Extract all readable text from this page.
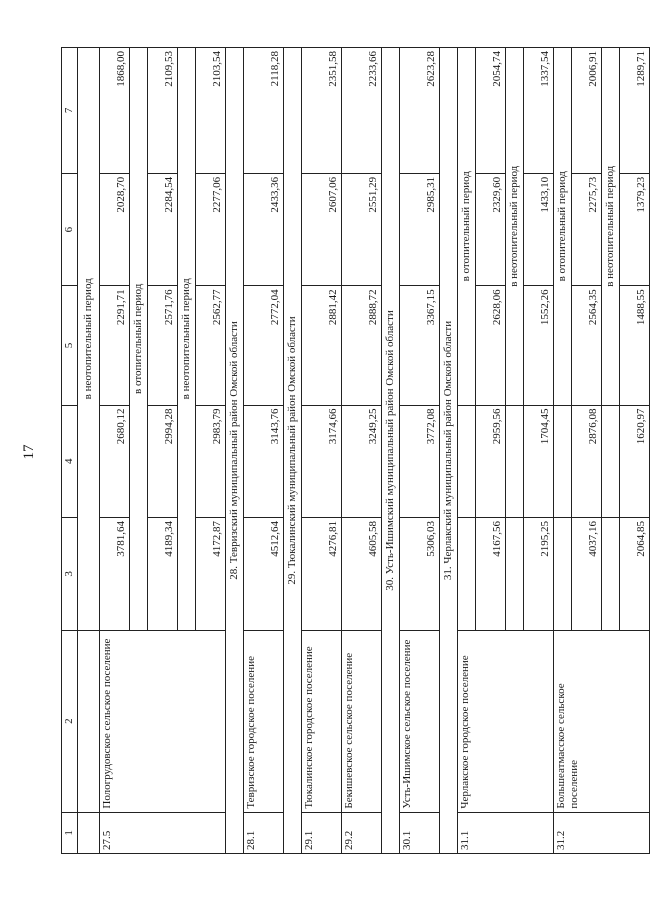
17
1	2	3	4	5	6	7
		в неотопительный период				
27.5	Пологрудовское сельское поселение	3781,64	2680,12	2291,71	2028,70	1868,00
		в отопительный период				
		4189,34	2994,28	2571,76	2284,54	2109,53
		в неотопительный период				
		4172,87	2983,79	2562,77	2277,06	2103,54
28. Тевризский муниципальный район Омской области						
28.1	Тевризское городское поселение	4512,64	3143,76	2772,04	2433,36	2118,28
29. Тюкалинский муниципальный район Омской области						
29.1	Тюкалинское городское поселение	4276,81	3174,66	2881,42	2607,06	2351,58
29.2	Бекишевское сельское поселение	4605,58	3249,25	2888,72	2551,29	2233,66
30. Усть-Ишимский муниципальный район Омской области						
30.1	Усть-Ишимское сельское поселение	5306,03	3772,08	3367,15	2985,31	2623,28
31. Черлакский муниципальный район Омской области						
31.1	Черлакское городское поселение			в отопительный период		
		4167,56	2959,56	2628,06	2329,60	2054,74
				в неотопительный период		
		2195,25	1704,45	1552,26	1433,10	1337,54
31.2	Большеатмасское сельское поселение			в отопительный период		
		4037,16	2876,08	2564,35	2275,73	2006,91
				в неотопительный период		
		2064,85	1620,97	1488,55	1379,23	1289,71
